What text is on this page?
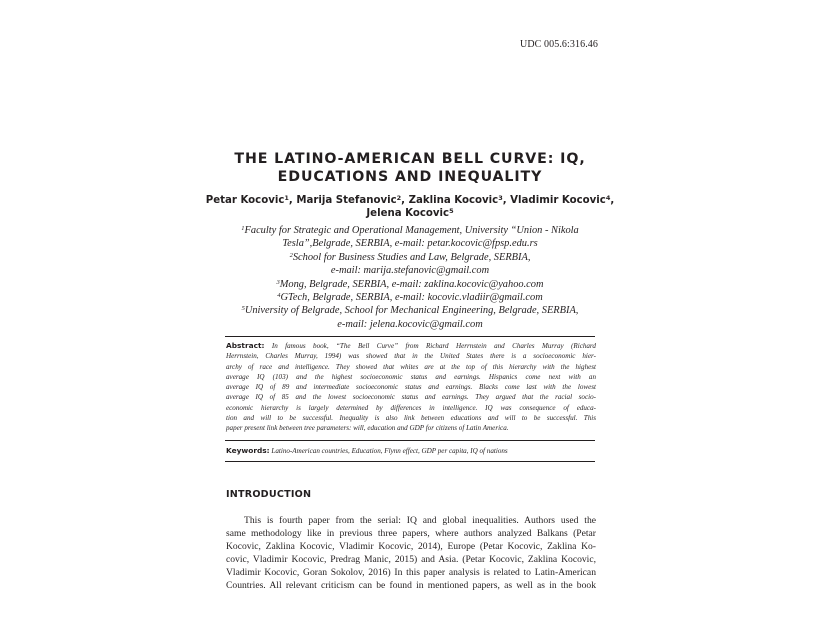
UDC 005.6:316.46
THE LATINO-AMERICAN BELL CURVE: IQ,
EDUCATIONS AND INEQUALITY
Petar Kocovic$^1$, Marija Stefanovic$^2$, Zaklina Kocovic$^3$, Vladimir Kocovic$^4$,
Jelena Kocovic$^5$
$^1$Faculty for Strategic and Operational Management, University “Union - Nikola
Tesla”,Belgrade, SERBIA, e-mail: petar.kocovic@fpsp.edu.rs
$^2$School for Business Studies and Law, Belgrade, SERBIA,
e-mail: marija.stefanovic@gmail.com
$^3$Mong, Belgrade, SERBIA, e-mail: zaklina.kocovic@yahoo.com
$^4$GTech, Belgrade, SERBIA, e-mail: kocovic.vladiir@gmail.com
$^5$University of Belgrade, School for Mechanical Engineering, Belgrade, SERBIA,
e-mail: jelena.kocovic@gmail.com
Abstract: In famous book, “The Bell Curve” from Richard Herrnstein and Charles Murray (Richard
Herrnstein, Charles Murray, 1994) was showed that in the United States there is a socioeconomic hier-
archy of race and intelligence. They showed that whites are at the top of this hierarchy with the highest
average IQ (103) and the highest socioeconomic status and earnings. Hispanics come next with an
average IQ of 89 and intermediate socioeconomic status and earnings. Blacks come last with the lowest
average IQ of 85 and the lowest socioeconomic status and earnings. They argued that the racial socio-
economic hierarchy is largely determined by differences in intelligence. IQ was consequence of educa-
tion and will to be successful. Inequality is also link between educations and will to be successful. This
paper present link between tree parameters: will, education and GDP for citizens of Latin America.
Keywords: Latino-American countries, Education, Flynn effect, GDP per capita, IQ of nations
INTRODUCTION
This is fourth paper from the serial: IQ and global inequalities. Authors used the
same methodology like in previous three papers, where authors analyzed Balkans (Petar
Kocovic, Zaklina Kocovic, Vladimir Kocovic, 2014), Europe (Petar Kocovic, Zaklina Ko-
covic, Vladimir Kocovic, Predrag Manic, 2015) and Asia. (Petar Kocovic, Zaklina Kocovic,
Vladimir Kocovic, Goran Sokolov, 2016) In this paper analysis is related to Latin-American
Countries. All relevant criticism can be found in mentioned papers, as well as in the book
